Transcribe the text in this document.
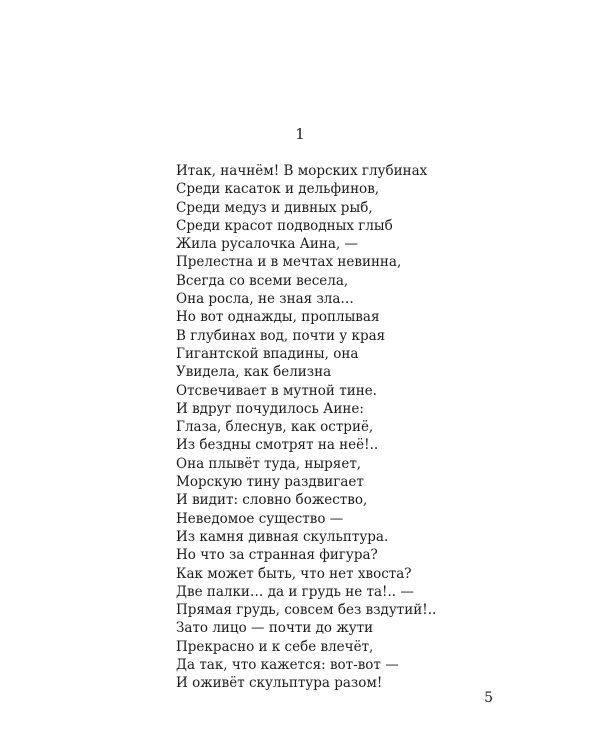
1
Итак, начнём! В морских глубинах
Среди касаток и дельфинов,
Среди медуз и дивных рыб,
Среди красот подводных глыб
Жила русалочка Аина, —
Прелестна и в мечтах невинна,
Всегда со всеми весела,
Она росла, не зная зла…
Но вот однажды, проплывая
В глубинах вод, почти у края
Гигантской впадины, она
Увидела, как белизна
Отсвечивает в мутной тине.
И вдруг почудилось Аине:
Глаза, блеснув, как остриё,
Из бездны смотрят на неё!..
Она плывёт туда, ныряет,
Морскую тину раздвигает
И видит: словно божество,
Неведомое существо —
Из камня дивная скульптура.
Но что за странная фигура?
Как может быть, что нет хвоста?
Две палки… да и грудь не та!.. —
Прямая грудь, совсем без вздутий!..
Зато лицо — почти до жути
Прекрасно и к себе влечёт,
Да так, что кажется: вот-вот —
И оживёт скульптура разом!
5
